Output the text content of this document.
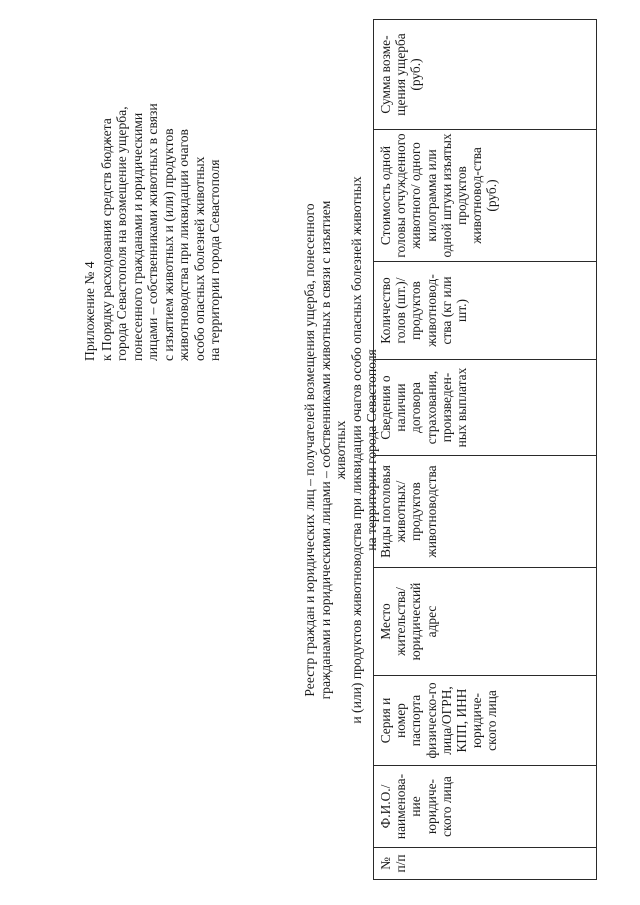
Приложение № 4 к Порядку расходования средств бюджета города Севастополя на возмещение ущерба, понесенного гражданами и юридическими лицами – собственниками животных в связи с изъятием животных и (или) продуктов животноводства при ликвидации очагов особо опасных болезней животных на территории города Севастополя	Реестр граждан и юридических лиц – получателей возмещения ущерба, понесенного гражданами и юридическими лицами – собственниками животных в связи с изъятием животных и (или) продуктов животноводства при ликвидации очагов особо опасных болезней животных на территории города Севастополя

№ п/п	Ф.И.О./ наименова-ние юридиче-ского лица	Серия и номер паспорта физическо-го лица/ОГРН, КПП, ИНН юридиче-ского лица	Место жительства/ юридический адрес	Виды поголовья животных/ продуктов животноводства	Сведения о наличии договора страхования, произведен-ных выплатах	Количество голов (шт.)/ продуктов животновод-ства (кг или шт.)	Стоимость одной головы отчужденного животного/ одного килограмма или одной штуки изъятых продуктов животновод-ства (руб.)	Сумма возме-щения ущерба (руб.)
